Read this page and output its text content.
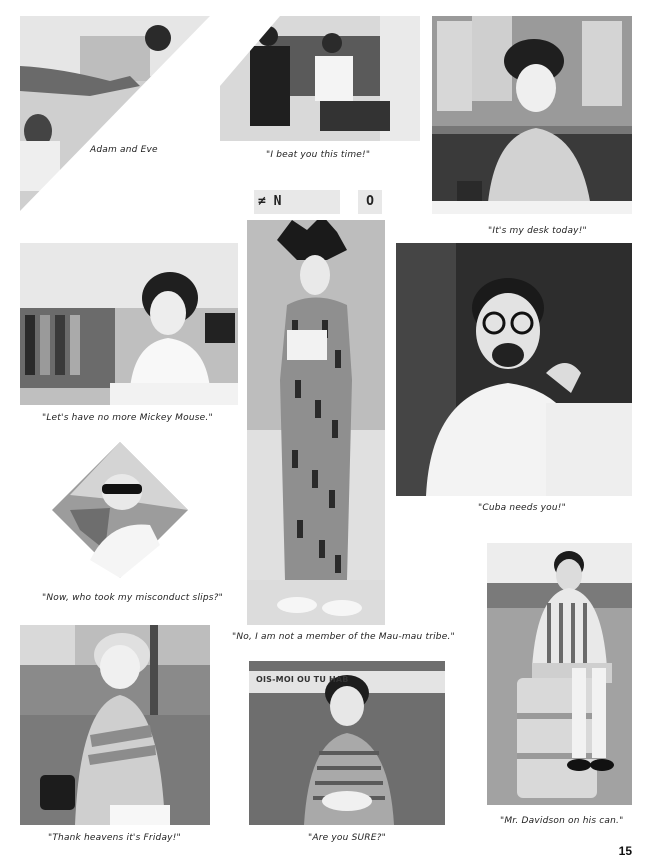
Adam and Eve	"I beat you this time!"
"It's my desk today!"
≠ N	O
"Let's have no more Mickey Mouse."
"No, I am not a member of the Mau-mau tribe."
"Cuba needs you!"
"Now, who took my misconduct slips?"
"Thank heavens it's Friday!"
OIS-MOI OU TU HAB
"Are you SURE?"
"Mr. Davidson on his can."
15
